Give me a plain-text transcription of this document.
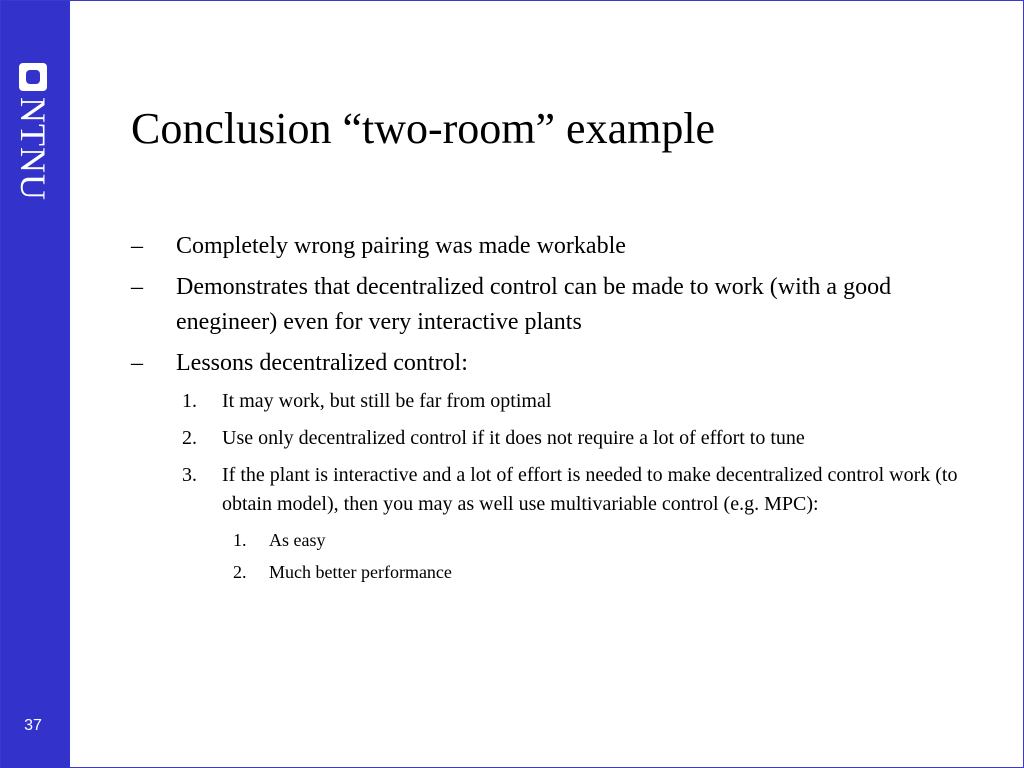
NTNU
37
Conclusion “two-room” example
–	Completely wrong pairing was made workable
–	Demonstrates that decentralized control can be made to work (with a good enegineer) even for very interactive plants
–	Lessons decentralized control:
1.	It may work, but still be far from optimal
2.	Use only decentralized control if it does not require a lot of effort to tune
3.	If the plant is interactive and a lot of effort is needed to make decentralized control work (to obtain model), then you may as well use multivariable control (e.g. MPC):
1.	As easy
2.	Much better performance
